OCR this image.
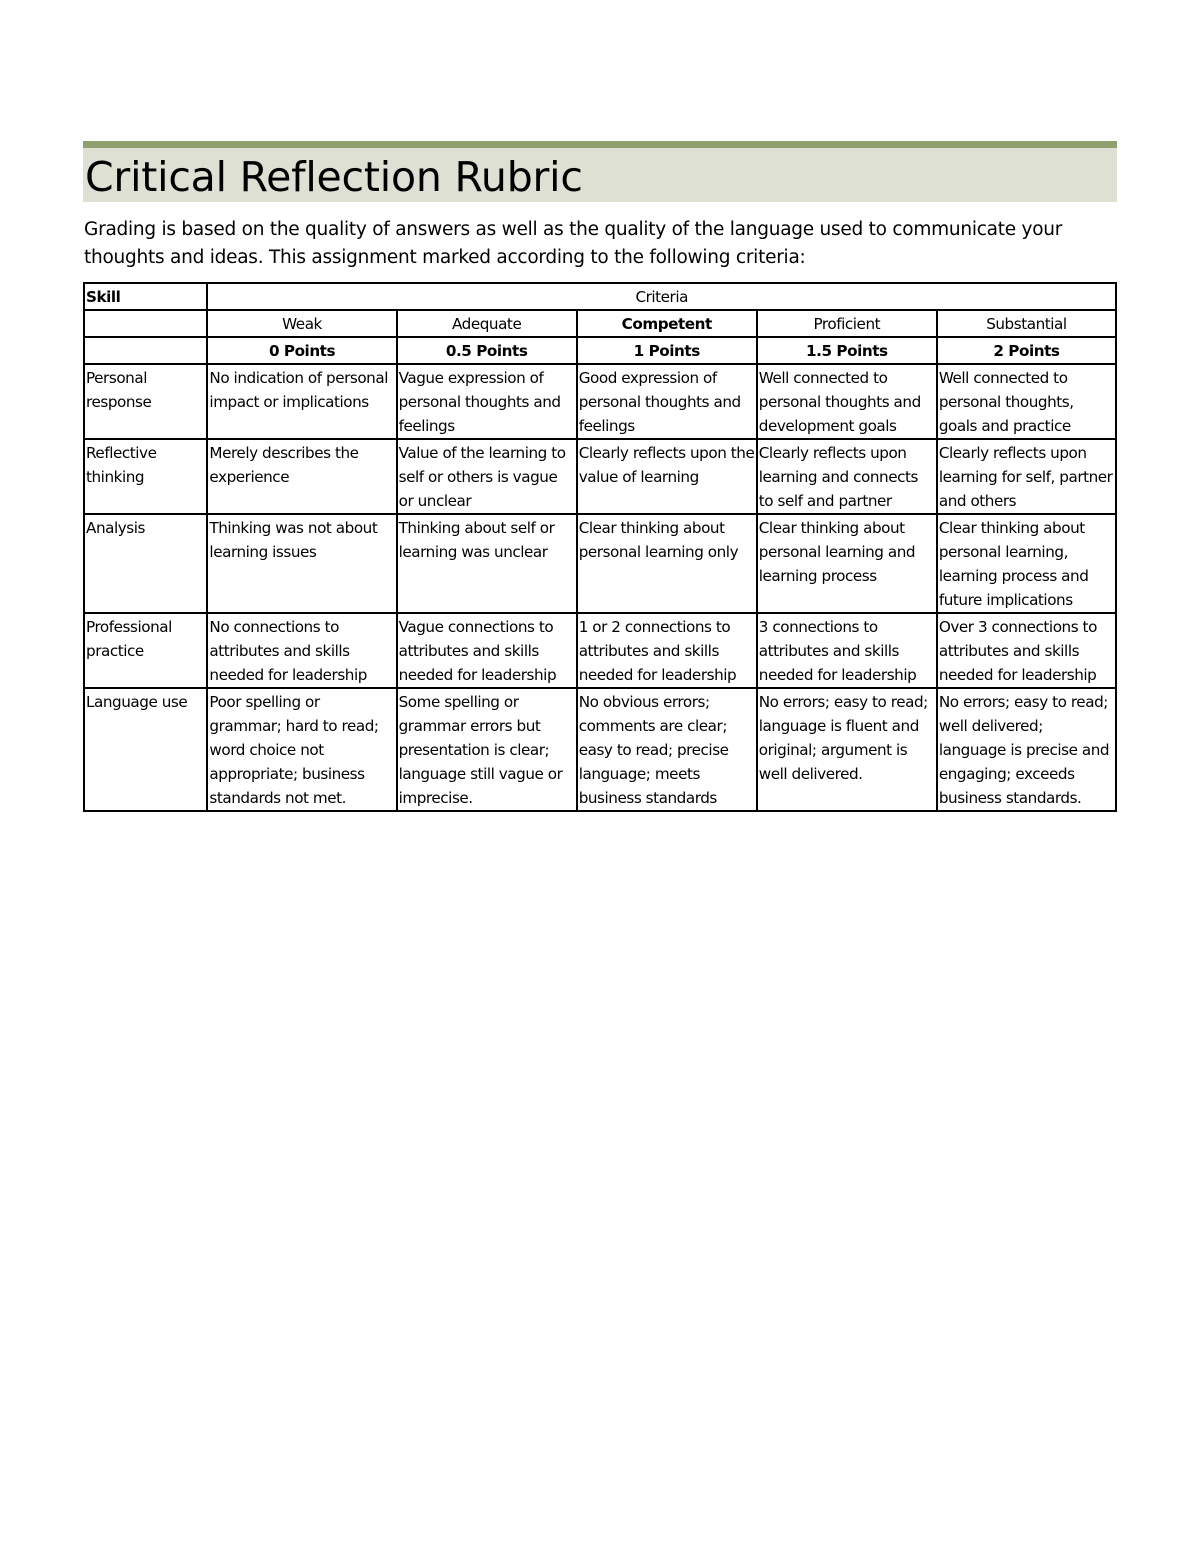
Critical Reflection Rubric

Grading is based on the quality of answers as well as the quality of the language used to communicate your thoughts and ideas. This assignment marked according to the following criteria:

Skill	Criteria				
	Weak	Adequate	Competent	Proficient	Substantial
	0 Points	0.5 Points	1 Points	1.5 Points	2 Points
Personal response	No indication of personal impact or implications	Vague expression of personal thoughts and feelings	Good expression of personal thoughts and feelings	Well connected to personal thoughts and development goals	Well connected to personal thoughts, goals and practice
Reflective thinking	Merely describes the experience	Value of the learning to self or others is vague or unclear	Clearly reflects upon the value of learning	Clearly reflects upon learning and connects to self and partner	Clearly reflects upon learning for self, partner and others
Analysis	Thinking was not about learning issues	Thinking about self or learning was unclear	Clear thinking about personal learning only	Clear thinking about personal learning and learning process	Clear thinking about personal learning, learning process and future implications
Professional practice	No connections to attributes and skills needed for leadership	Vague connections to attributes and skills needed for leadership	1 or 2 connections to attributes and skills needed for leadership	3 connections to attributes and skills needed for leadership	Over 3 connections to attributes and skills needed for leadership
Language use	Poor spelling or grammar; hard to read; word choice not appropriate; business standards not met.	Some spelling or grammar errors but presentation is clear; language still vague or imprecise.	No obvious errors; comments are clear; easy to read; precise language; meets business standards	No errors; easy to read; language is fluent and original; argument is well delivered.	No errors; easy to read; well delivered; language is precise and engaging; exceeds business standards.
